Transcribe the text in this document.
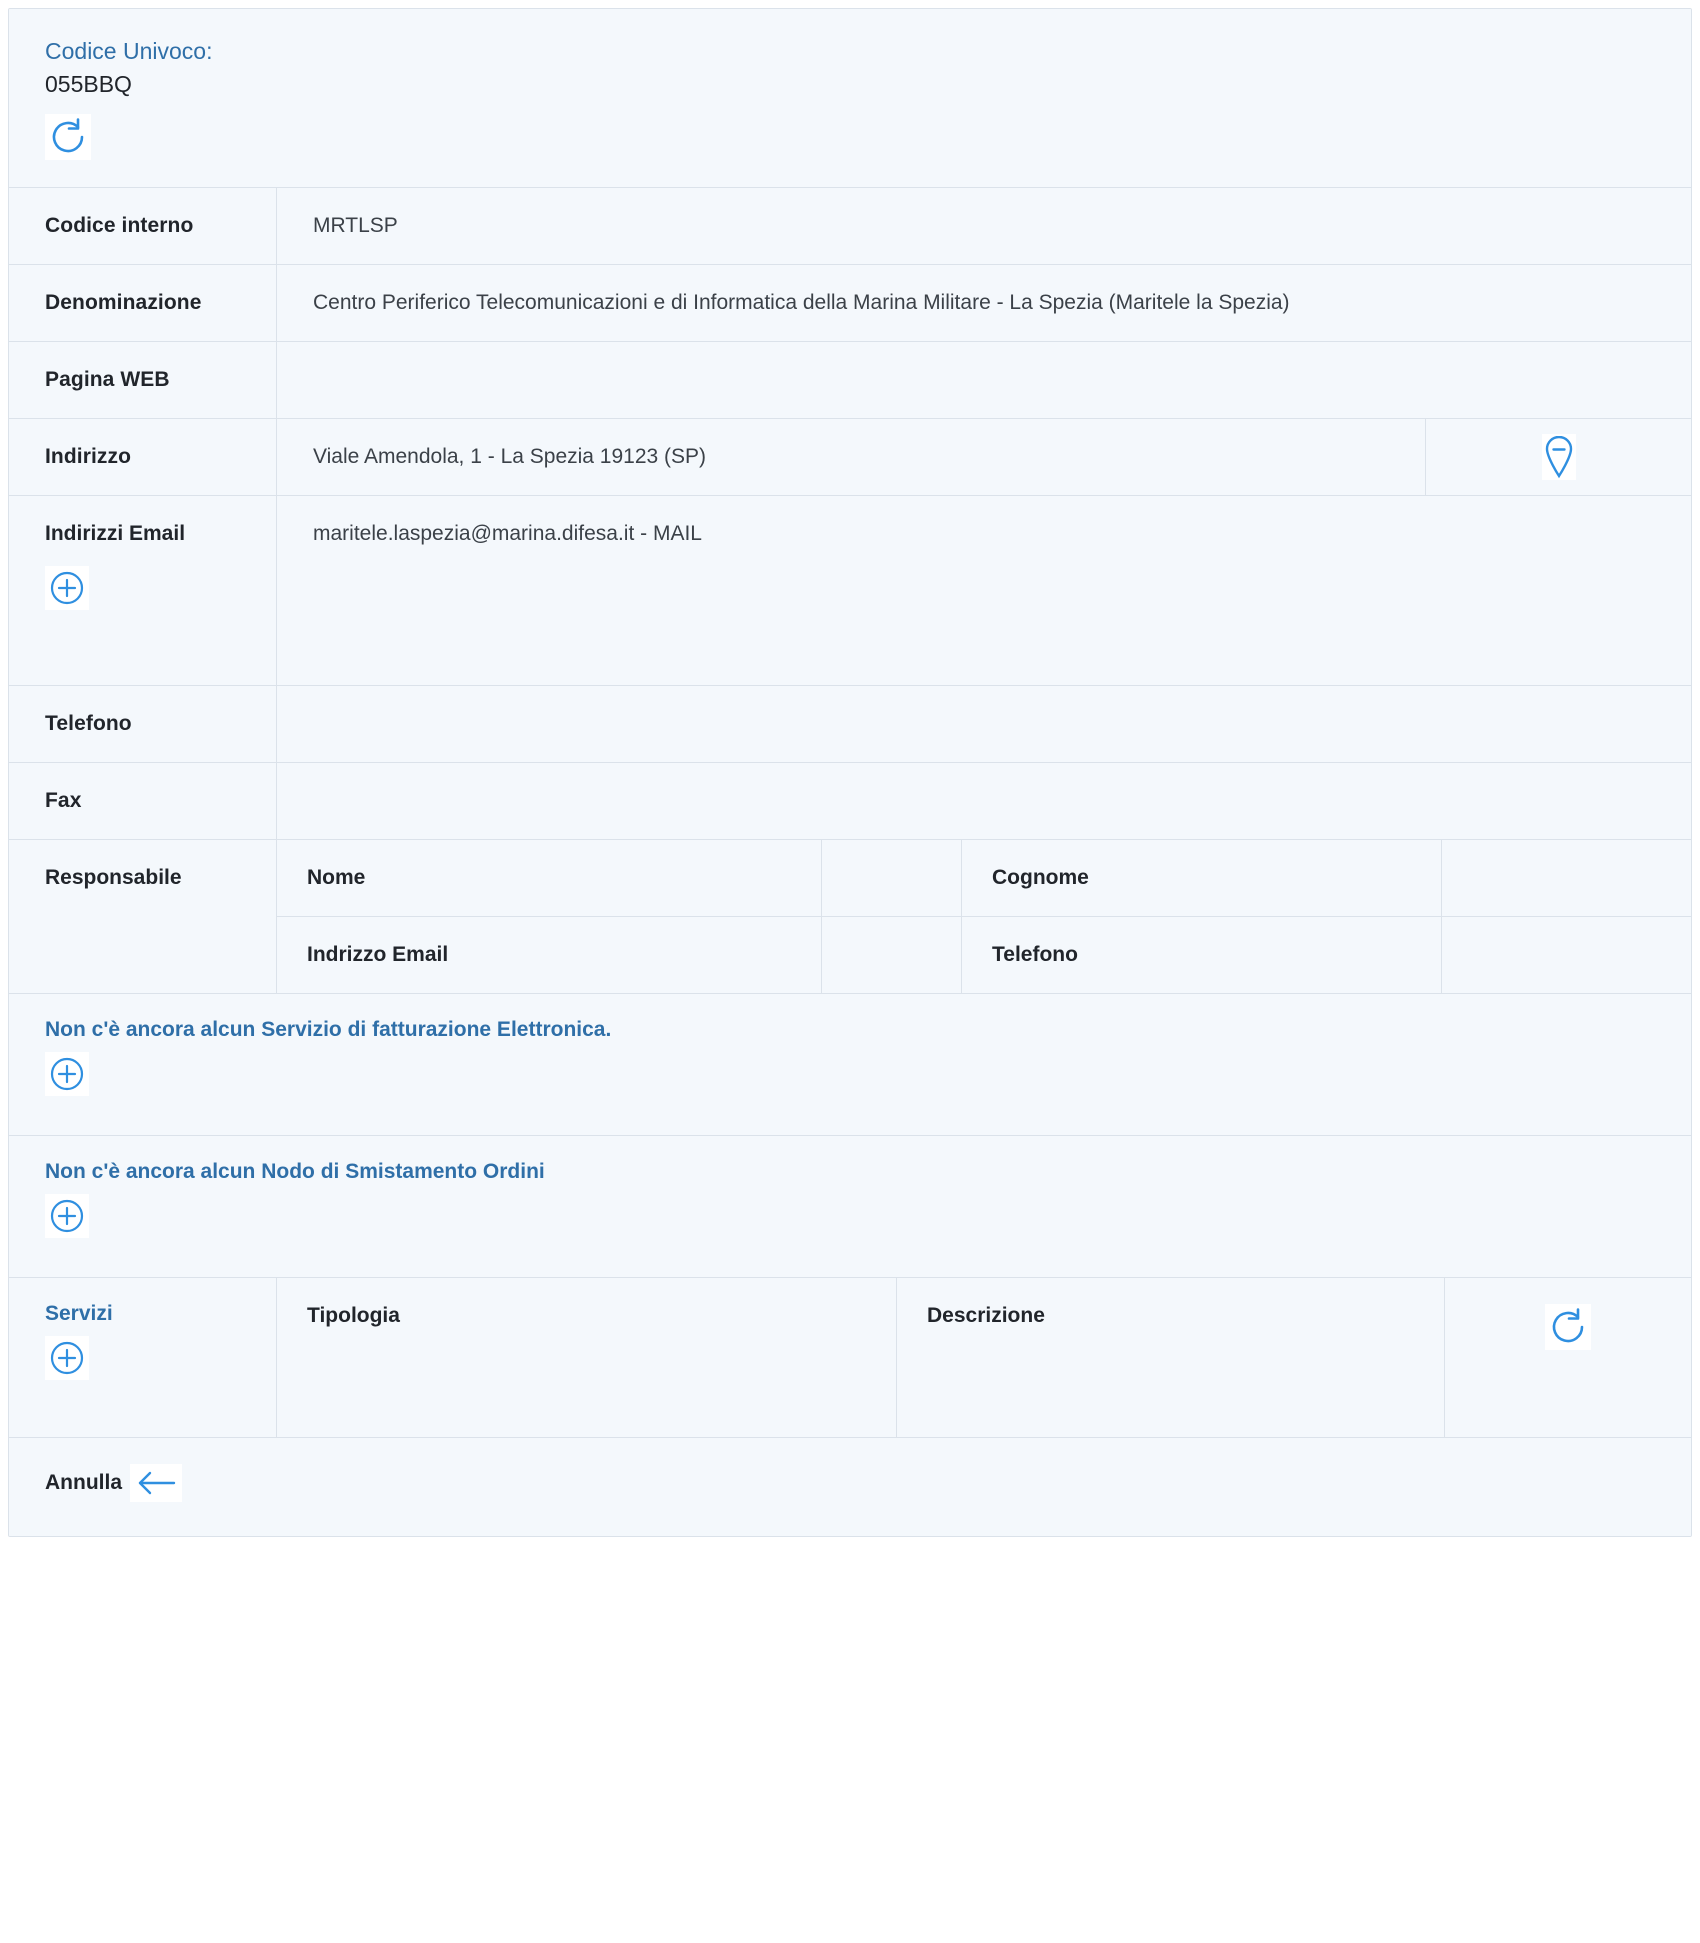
Codice Univoco:
055BBQ
Codice interno	MRTLSP
Denominazione	Centro Periferico Telecomunicazioni e di Informatica della Marina Militare - La Spezia (Maritele la Spezia)
Pagina WEB
Indirizzo	Viale Amendola, 1 - La Spezia 19123 (SP)
Indirizzi Email	maritele.laspezia@marina.difesa.it - MAIL
Telefono
Fax
Responsabile	Nome	Cognome
Indrizzo Email	Telefono
Non c'è ancora alcun Servizio di fatturazione Elettronica.
Non c'è ancora alcun Nodo di Smistamento Ordini
Servizi	Tipologia	Descrizione
Annulla
